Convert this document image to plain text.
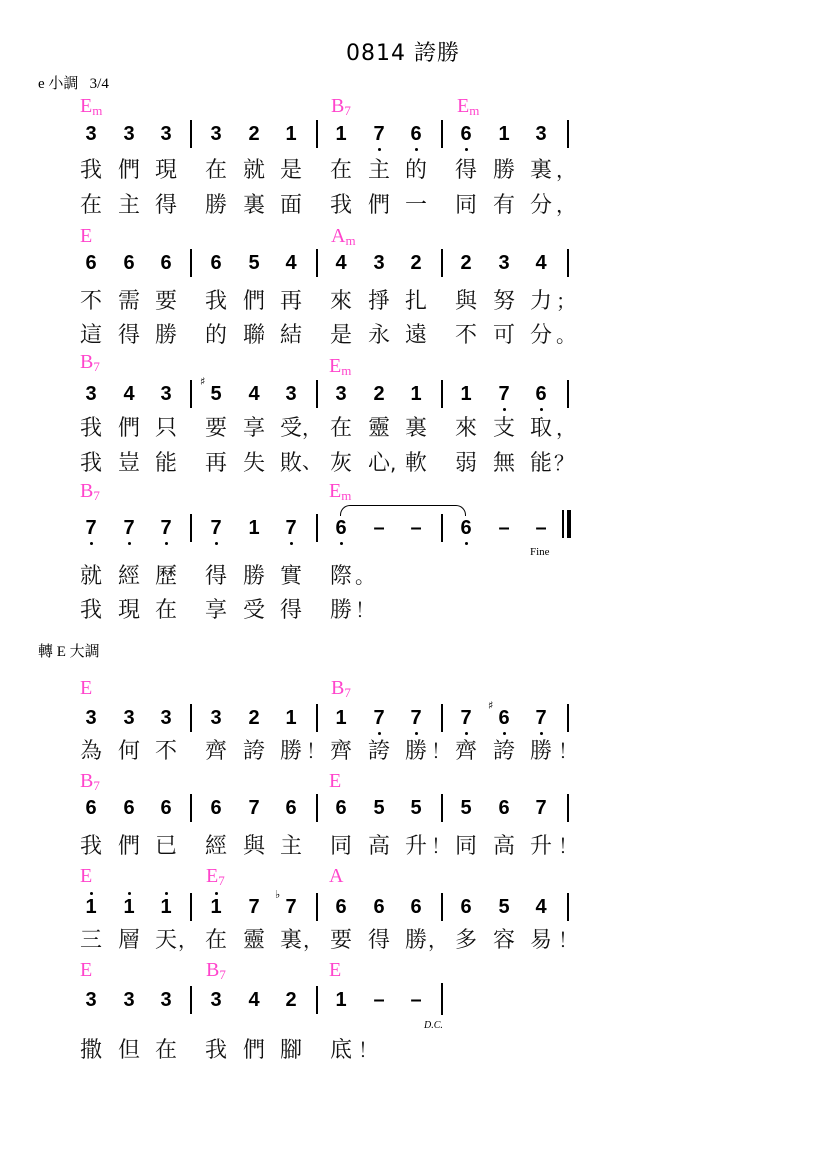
0814 誇勝
e 小調 3/4
$E_m$	$B_7$	$E_m$
3	3	3	3	2	1	1	7	6	6	1	3
我 們 現 在 就 是 在 主 的 得 勝 裏 ，
在 主 得 勝 裏 面 我 們 一 同 有 分 ，
E	$A_m$
6	6	6	6	5	4	4	3	2	2	3	4
不 需 要 我 們 再 來 掙 扎 與 努 力 ；
這 得 勝 的 聯 結 是 永 遠 不 可 分 。
$B_7$	$E_m$
3	4	3
♯
5	4	3	3	2	1	1	7	6
我 們 只 要 享 受 ， 在 靈 裏 來 支 取 ，
我 豈 能 再 失 敗 、 灰 心 , 軟 弱 無 能 ？
$B_7$	$E_m$
7	7	7	7	1	7	6	–	–	6	–	–
Fine
就 經 歷 得 勝 實 際 。
我 現 在 享 受 得 勝 ！
轉 E 大調
E	$B_7$
3	3	3	3	2	1	1	7	7	7
♯
6	7
為 何 不 齊 誇 勝 ！ 齊 誇 勝 ！ 齊 誇 勝 ！
$B_7$	E
6	6	6	6	7	6	6	5	5	5	6	7
我 們 已 經 與 主 同 高 升 ！ 同 高 升 ！
E	$E_7$	A
1	1	1	1	7
♭
7	6	6	6	6	5	4
三 層 天 ， 在 靈 裏 ， 要 得 勝 ， 多 容 易 ！
E	$B_7$	E
3	3	3	3	4	2	1	–	–
D.C.
撒 但 在 我 們 腳 底 ！
